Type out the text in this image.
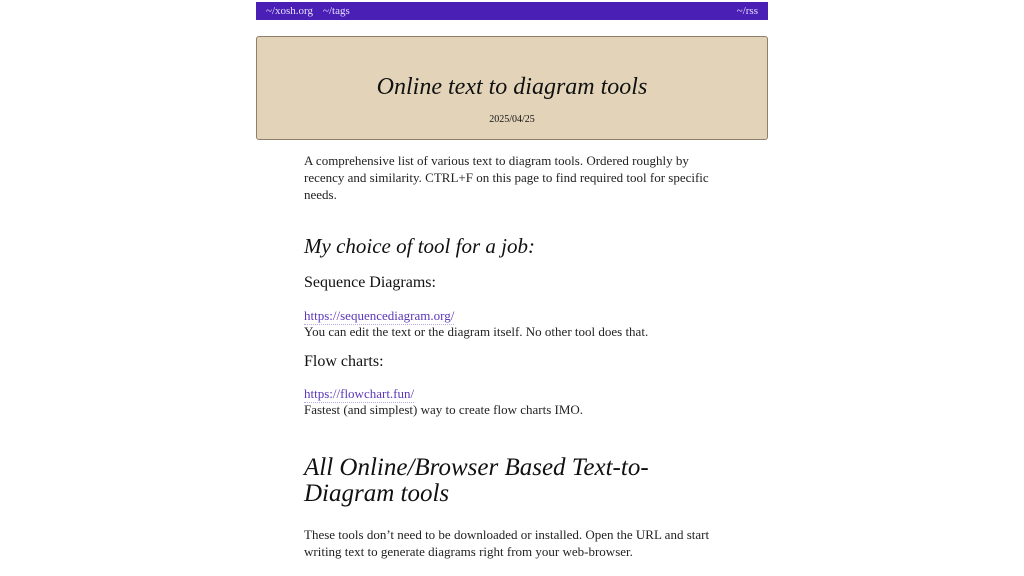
~/xosh.org ~/tags	~/rss
Online text to diagram tools
2025/04/25

A comprehensive list of various text to diagram tools. Ordered roughly by recency and similarity. CTRL+F on this page to find required tool for specific needs.

My choice of tool for a job:
Sequence Diagrams:
https://sequencediagram.org/

You can edit the text or the diagram itself. No other tool does that.

Flow charts:
https://flowchart.fun/

Fastest (and simplest) way to create flow charts IMO.

All Online/Browser Based Text-to-Diagram tools

These tools don’t need to be downloaded or installed. Open the URL and start writing text to generate diagrams right from your web-browser.
